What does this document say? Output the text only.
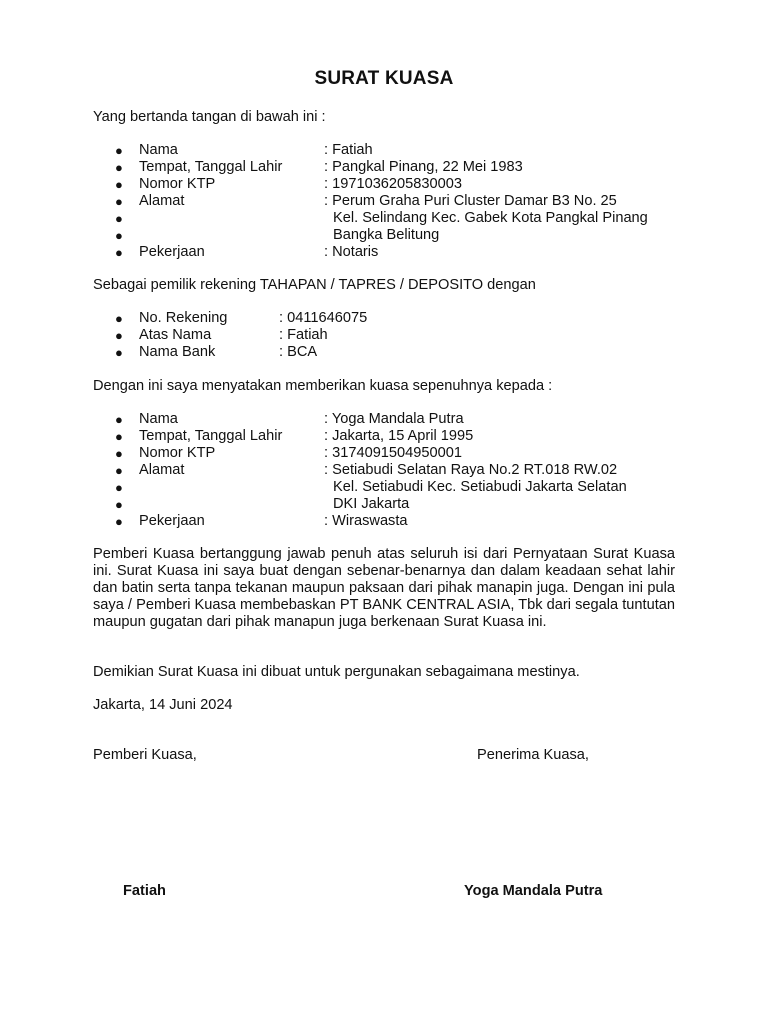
SURAT KUASA
Yang bertanda tangan di bawah ini :
● Nama	: Fatiah
● Tempat, Tanggal Lahir	: Pangkal Pinang, 22 Mei 1983
● Nomor KTP	: 1971036205830003
● Alamat	: Perum Graha Puri Cluster Damar B3 No. 25
●	Kel. Selindang Kec. Gabek Kota Pangkal Pinang
●	Bangka Belitung
● Pekerjaan	: Notaris
Sebagai pemilik rekening TAHAPAN / TAPRES / DEPOSITO dengan
● No. Rekening	: 0411646075
● Atas Nama	: Fatiah
● Nama Bank	: BCA
Dengan ini saya menyatakan memberikan kuasa sepenuhnya kepada :
● Nama	: Yoga Mandala Putra
● Tempat, Tanggal Lahir	: Jakarta, 15 April 1995
● Nomor KTP	: 3174091504950001
● Alamat	: Setiabudi Selatan Raya No.2 RT.018 RW.02
●	Kel. Setiabudi Kec. Setiabudi Jakarta Selatan
●	DKI Jakarta
● Pekerjaan	: Wiraswasta
Pemberi Kuasa bertanggung jawab penuh atas seluruh isi dari Pernyataan Surat Kuasa ini. Surat Kuasa ini saya buat dengan sebenar-benarnya dan dalam keadaan sehat lahir dan batin serta tanpa tekanan maupun paksaan dari pihak manapin juga. Dengan ini pula saya / Pemberi Kuasa membebaskan PT BANK CENTRAL ASIA, Tbk dari segala tuntutan maupun gugatan dari pihak manapun juga berkenaan Surat Kuasa ini.
Demikian Surat Kuasa ini dibuat untuk pergunakan sebagaimana mestinya.
Jakarta, 14 Juni 2024
Pemberi Kuasa,	Penerima Kuasa,
Fatiah	Yoga Mandala Putra
